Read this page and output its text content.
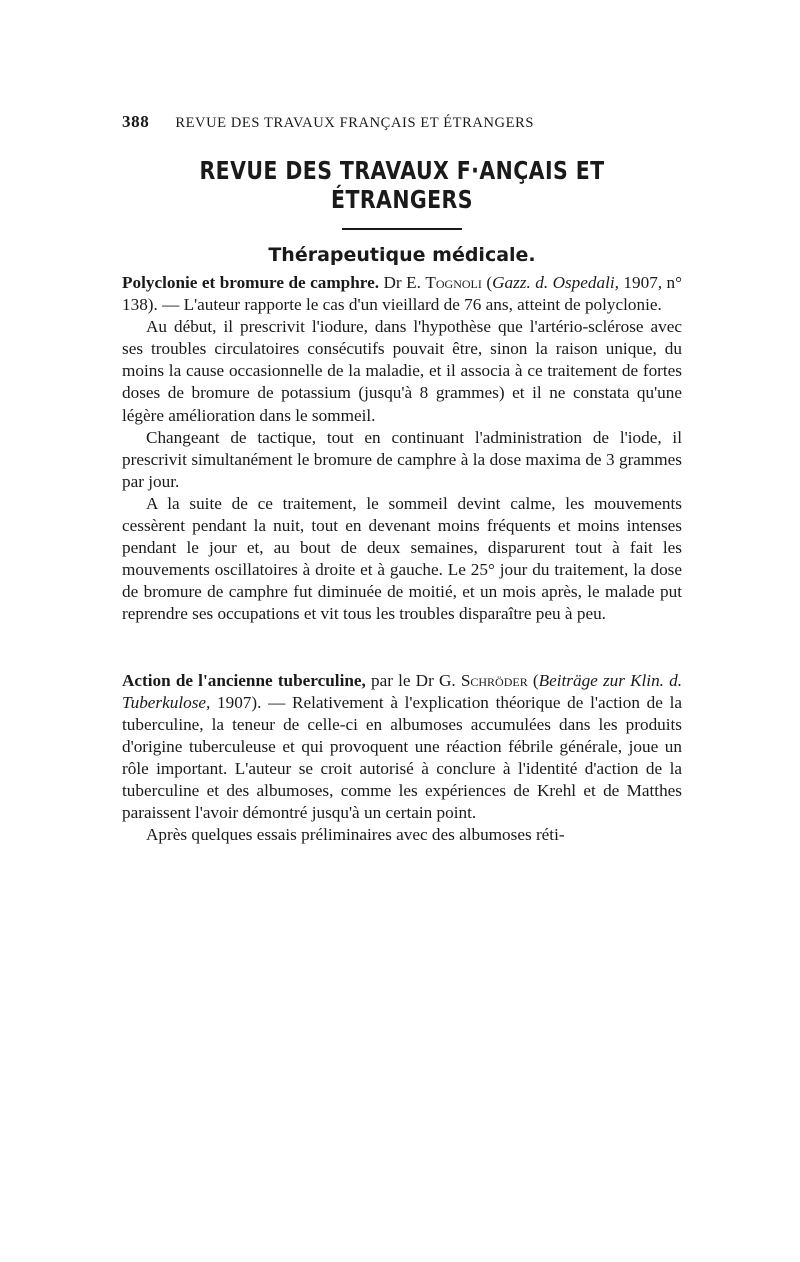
388 REVUE DES TRAVAUX FRANÇAIS ET ÉTRANGERS
REVUE DES TRAVAUX F·ANÇAIS ET ÉTRANGERS
Thérapeutique médicale.

Polyclonie et bromure de camphre. Dr E. Tognoli (Gazz. d. Ospedali, 1907, n° 138). — L'auteur rapporte le cas d'un vieillard de 76 ans, atteint de polyclonie.

Au début, il prescrivit l'iodure, dans l'hypothèse que l'artério-sclérose avec ses troubles circulatoires consécutifs pouvait être, sinon la raison unique, du moins la cause occasionnelle de la maladie, et il associa à ce traitement de fortes doses de bromure de potassium (jusqu'à 8 grammes) et il ne constata qu'une légère amélioration dans le sommeil.

Changeant de tactique, tout en continuant l'administration de l'iode, il prescrivit simultanément le bromure de camphre à la dose maxima de 3 grammes par jour.

A la suite de ce traitement, le sommeil devint calme, les mouvements cessèrent pendant la nuit, tout en devenant moins fréquents et moins intenses pendant le jour et, au bout de deux semaines, disparurent tout à fait les mouvements oscillatoires à droite et à gauche. Le 25° jour du traitement, la dose de bromure de camphre fut diminuée de moitié, et un mois après, le malade put reprendre ses occupations et vit tous les troubles disparaître peu à peu.

Action de l'ancienne tuberculine, par le Dr G. Schröder (Beiträge zur Klin. d. Tuberkulose, 1907). — Relativement à l'explication théorique de l'action de la tuberculine, la teneur de celle-ci en albumoses accumulées dans les produits d'origine tuberculeuse et qui provoquent une réaction fébrile générale, joue un rôle important. L'auteur se croit autorisé à conclure à l'identité d'action de la tuberculine et des albumoses, comme les expériences de Krehl et de Matthes paraissent l'avoir démontré jusqu'à un certain point.

Après quelques essais préliminaires avec des albumoses réti-
